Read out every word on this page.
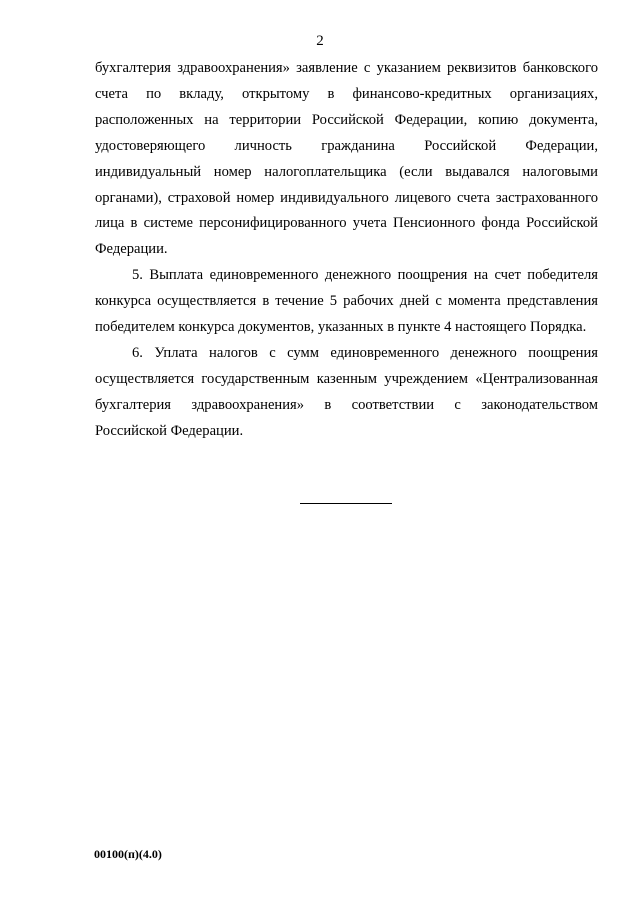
2
бухгалтерия здравоохранения» заявление с указанием реквизитов банковского
счета по вкладу, открытому в финансово-кредитных организациях,
расположенных на территории Российской Федерации, копию документа,
удостоверяющего личность гражданина Российской Федерации,
индивидуальный номер налогоплательщика (если выдавался налоговыми
органами), страховой номер индивидуального лицевого счета застрахованного
лица в системе персонифицированного учета Пенсионного фонда Российской
Федерации.
5. Выплата единовременного денежного поощрения на счет победителя
конкурса осуществляется в течение 5 рабочих дней с момента представления
победителем конкурса документов, указанных в пункте 4 настоящего Порядка.
6. Уплата налогов с сумм единовременного денежного поощрения
осуществляется государственным казенным учреждением «Централизованная
бухгалтерия здравоохранения» в соответствии с законодательством
Российской Федерации.
00100(п)(4.0)
